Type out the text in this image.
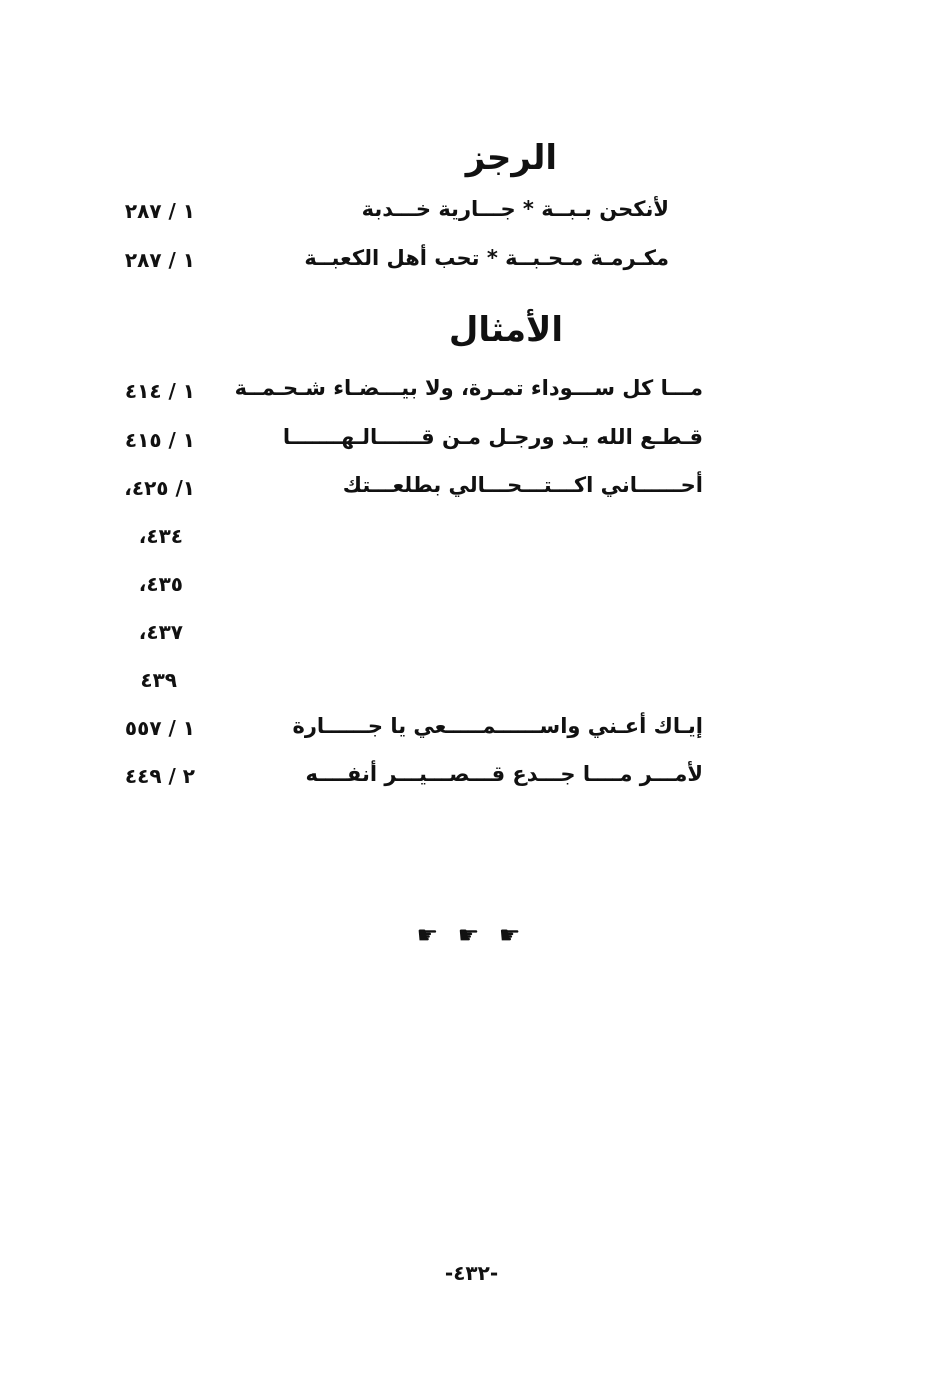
الرجز
لأنكحن بـبــة * جـــارية خـــدبة
١ / ٢٨٧
مكـرمـة مـحـبــة * تحب أهل الكعبــة
١ / ٢٨٧
الأمثال
مـــا كل ســـوداء تمـرة، ولا بيـــضـاء شـحـمــة
١ / ٤١٤
قـطـع الله يـد ورجـل مـن قــــــالـهـــــــا
١ / ٤١٥
أحــــــاني اكـــتـــحـــالي بطلعـــتك
١/ ٤٢٥،
٤٣٤،
٤٣٥،
٤٣٧،
٤٣٩
إيـاك أعـني واســــــمـــــعي يا جــــــارة
١ / ٥٥٧
لأمـــر مــــا جـــدع قـــصـــيـــر أنفــــه
٢ / ٤٤٩
☛ ☛ ☛
-٤٣٢-
